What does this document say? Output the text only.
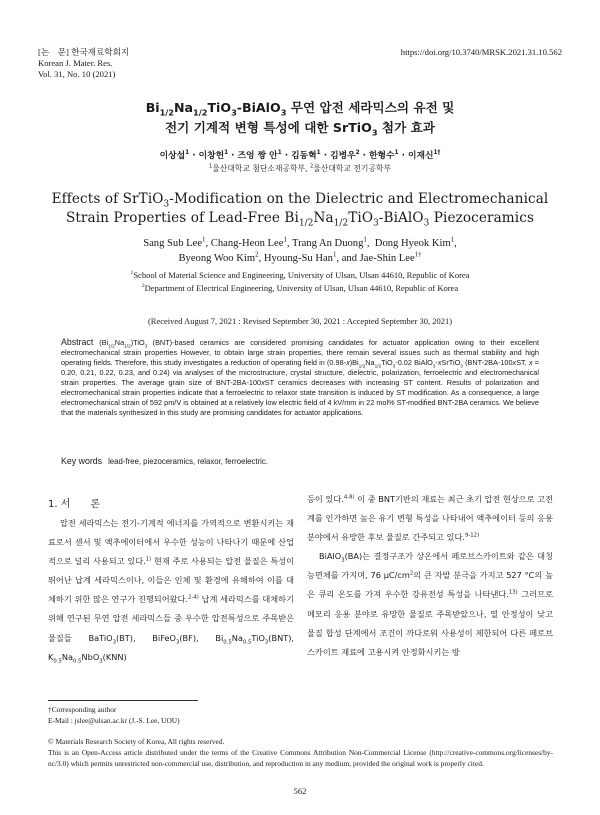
[논　문] 한국재료학회지
Korean J. Mater. Res.
Vol. 31, No. 10 (2021)
https://doi.org/10.3740/MRSK.2021.31.10.562
$Bi_{1/2}Na_{1/2}TiO_3-BiAlO_3$ 무연 압전 세라믹스의 유전 및
전기 기계적 변형 특성에 대한 SrTiO$_3$ 첨가 효과
이상섭$^1$ · 이창헌$^1$ · 즈엉 짱 안$^1$ · 김동혁$^1$ · 김병우$^2$ · 한형수$^1$ · 이재신$^{1\dagger}$
$^1$울산대학교 첨단소재공학부, $^2$울산대학교 전기공학부
Effects of SrTiO$_3$-Modification on the Dielectric and Electromechanical
Strain Properties of Lead-Free $Bi_{1/2}Na_{1/2}TiO_3-BiAlO_3$ Piezoceramics
Sang Sub Lee$^1$, Chang-Heon Lee$^1$, Trang An Duong$^1$,  Dong Hyeok Kim$^1$,
Byeong Woo Kim$^2$, Hyoung-Su Han$^1$, and Jae-Shin Lee$^{1\dagger}$
$^1$School of Material Science and Engineering, University of Ulsan, Ulsan 44610, Republic of Korea
$^2$Department of Electrical Engineering, University of Ulsan, Ulsan 44610, Republic of Korea
(Received August 7, 2021 : Revised September 30, 2021 : Accepted September 30, 2021)
Abstract $(Bi_{1/2}Na_{1/2})TiO_3$ (BNT)-based ceramics are considered promising candidates for actuator application owing to their excellent electromechanical strain properties However, to obtain large strain properties, there remain several issues such as thermal stability and high operating fields. Therefore, this study investigates a reduction of operating field in $(0.98-x)Bi_{1/2}Na_{1/2}TiO_3-0.02$ BiAlO$_3$-xSrTiO$_3$ (BNT-2BA-100xST, x = 0.20, 0.21, 0.22, 0.23, and 0.24) via analyses of the microstructure, crystal structure, dielectric, polarization, ferroelectric and electromechanical strain properties. The average grain size of BNT-2BA-100xST ceramics decreases with increasing ST content. Results of polarization and electromechanical strain properties indicate that a ferroelectric to relaxor state transition is induced by ST modification. As a consequence, a large electromechanical strain of 592 pm/V is obtained at a relatively low electric field of 4 kV/mm in 22 mol% ST-modified BNT-2BA ceramics. We believe that the materials synthesized in this study are promising candidates for actuator applications.
Key words lead-free, piezoceramics, relaxor, ferroelectric.
1. 서　　론

압전 세라믹스는 전기-기계적 에너지를 가역적으로 변환시키는 재료로서 센서 및 액추에이터에서 우수한 성능이 나타나기 때문에 산업적으로 널리 사용되고 있다.$^{1)}$ 현재 주로 사용되는 압전 물질은 특성이 뛰어난 납계 세라믹스이나, 이들은 인체 및 환경에 유해하여 이를 대체하기 위한 많은 연구가 진행되어왔다.$^{2-4)}$ 납계 세라믹스를 대체하기 위해 연구된 무연 압전 세라믹스들 중 우수한 압전특성으로 주목받은 물질들 BaTiO$_3$(BT), BiFeO$_3$(BF), $Bi_{0.5}Na_{0.5}TiO_3(BNT)$, $K_{0.5}Na_{0.5}NbO_3(KNN)$

등이 있다.$^{4-8)}$ 이 중 BNT기반의 재료는 최근 초기 압전 현상으로 고전계를 인가하면 높은 유기 변형 특성을 나타내어 액추에이터 등의 응용 분야에서 유망한 후보 물질로 간주되고 있다.$^{9-12)}$

BiAlO$_3$(BA)는 결정구조가 상온에서 페로브스카이트와 같은 대칭 능면체를 가지며, 76 $\mu C/cm^2$의 큰 자발 분극을 가지고 527 °C의 높은 큐리 온도를 가져 우수한 강유전성 특성을 나타낸다.$^{13)}$ 그러므로 메모리 응용 분야로 유망한 물질로 주목받았으나, 열 안정성이 낮고 물질 합성 단계에서 조건이 까다로워 사용성이 제한되어 다른 페로브스카이트 재료에 고용시켜 안정화시키는 방

†Corresponding author
E-Mail : jslee@ulsan.ac.kr (J.-S. Lee, UOU)
© Materials Research Society of Korea, All rights reserved.
This is an Open-Access article distributed under the terms of the Creative Commons Attribution Non-Commercial License (http://creative-commons.org/licenses/by-nc/3.0) which permits unrestricted non-commercial use, distribution, and reproduction in any medium, provided the original work is properly cited.
562
